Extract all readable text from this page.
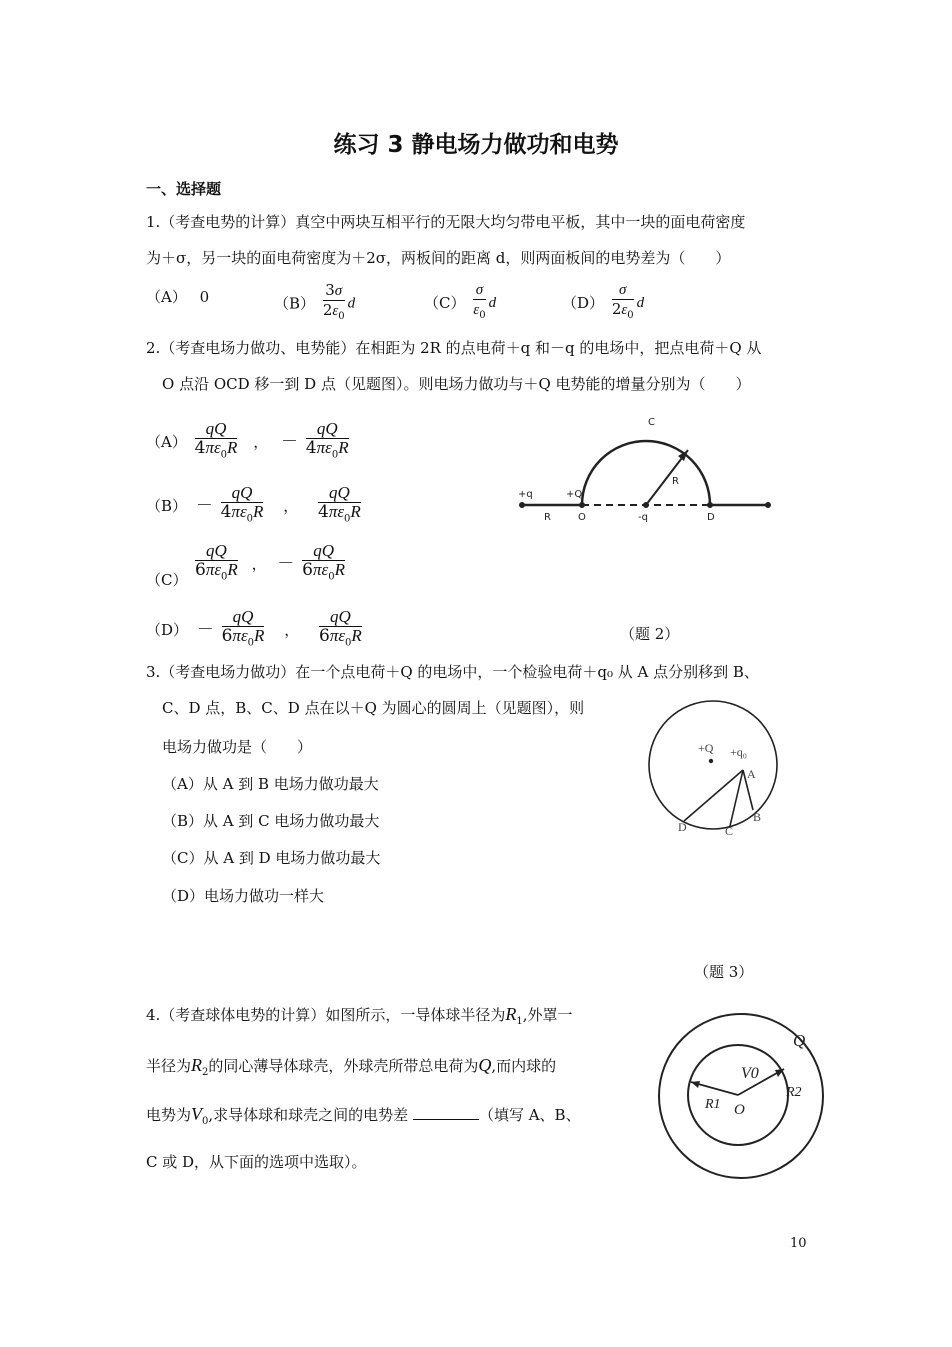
练习 3 静电场力做功和电势
一、选择题
1.（考查电势的计算）真空中两块互相平行的无限大均匀带电平板，其中一块的面电荷密度
为＋σ，另一块的面电荷密度为＋2σ，两板间的距离 d，则两面板间的电势差为（　　）
（A） 0	$(B) \frac{3\sigma}{2\varepsilon_0}$ d	$(C) \frac{\sigma}{\varepsilon_0}$ d	$(D) \frac{\sigma}{2\varepsilon_0}$ d
2.（考查电场力做功、电势能）在相距为 2R 的点电荷＋q 和－q 的电场中，把点电荷＋Q 从
O 点沿 OCD 移一到 D 点（见题图）。则电场力做功与＋Q 电势能的增量分别为（　　）
$(A) \frac{qQ}{4\pi\varepsilon_0R}$ ， － $\frac{qQ}{4\pi\varepsilon_0R}$
$(B) - \frac{qQ}{4\pi\varepsilon_0R}$ ， $\frac{qQ}{4\pi\varepsilon_0R}$
$\frac{qQ}{6\pi\varepsilon_0R}$ ， － $\frac{qQ}{6\pi\varepsilon_0R}$
（C）
$(D) - \frac{qQ}{6\pi\varepsilon_0R}$ ， $\frac{qQ}{6\pi\varepsilon_0R}$	（题 2）
C
R
+q	+Q
R	O	-q	D
3.（考查电场力做功）在一个点电荷＋Q 的电场中，一个检验电荷＋q₀ 从 A 点分别移到 B、
C、D 点，B、C、D 点在以＋Q 为圆心的圆周上（见题图），则
电场力做功是（　　）
（A）从 A 到 B 电场力做功最大
（B）从 A 到 C 电场力做功最大
（C）从 A 到 D 电场力做功最大
（D）电场力做功一样大
（题 3）
+Q +q₀
A
B
C
D
4.（考查球体电势的计算）如图所示，一导体球半径为$R_1$,外罩一
半径为$R_2$的同心薄导体球壳，外球壳所带总电荷为Q,而内球的
电势为$V_0$,求导体球和球壳之间的电势差	（填写 A、B、
C 或 D，从下面的选项中选取）。
Q
V0
R1 O
R2
10
